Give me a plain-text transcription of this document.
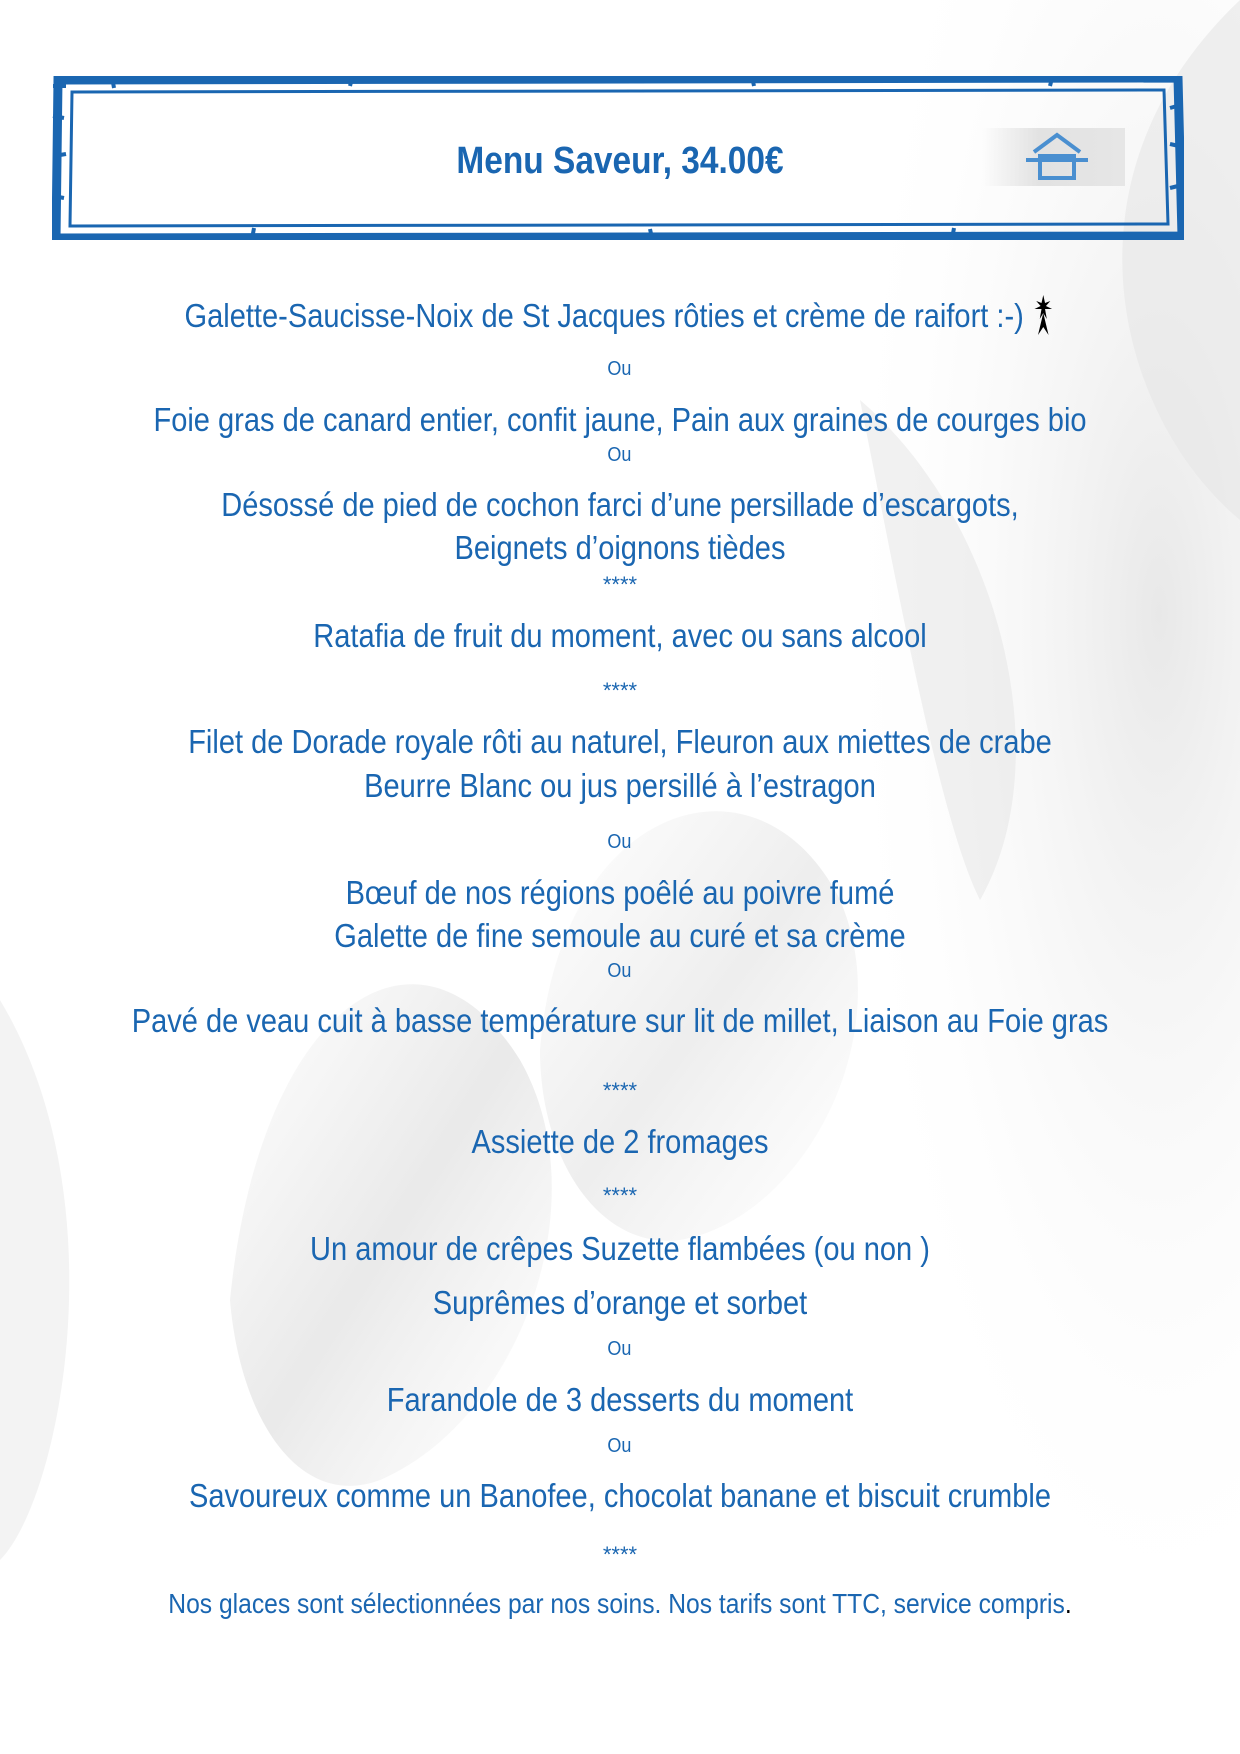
Menu Saveur, 34.00€
Galette-Saucisse-Noix de St Jacques rôties et crème de raifort :-)
Ou
Foie gras de canard entier, confit jaune, Pain aux graines de courges bio
Ou
Désossé de pied de cochon farci d’une persillade d’escargots,
Beignets d’oignons tièdes
****
Ratafia de fruit du moment, avec ou sans alcool
****
Filet de Dorade royale rôti au naturel, Fleuron aux miettes de crabe
Beurre Blanc ou jus persillé à l’estragon
Ou
Bœuf de nos régions poêlé au poivre fumé
Galette de fine semoule au curé et sa crème
Ou
Pavé de veau cuit à basse température sur lit de millet, Liaison au Foie gras
****
Assiette de 2 fromages
****
Un amour de crêpes Suzette flambées (ou non )
Suprêmes d’orange et sorbet
Ou
Farandole de 3 desserts du moment
Ou
Savoureux comme un Banofee, chocolat banane et biscuit crumble
****
Nos glaces sont sélectionnées par nos soins. Nos tarifs sont TTC, service compris.
